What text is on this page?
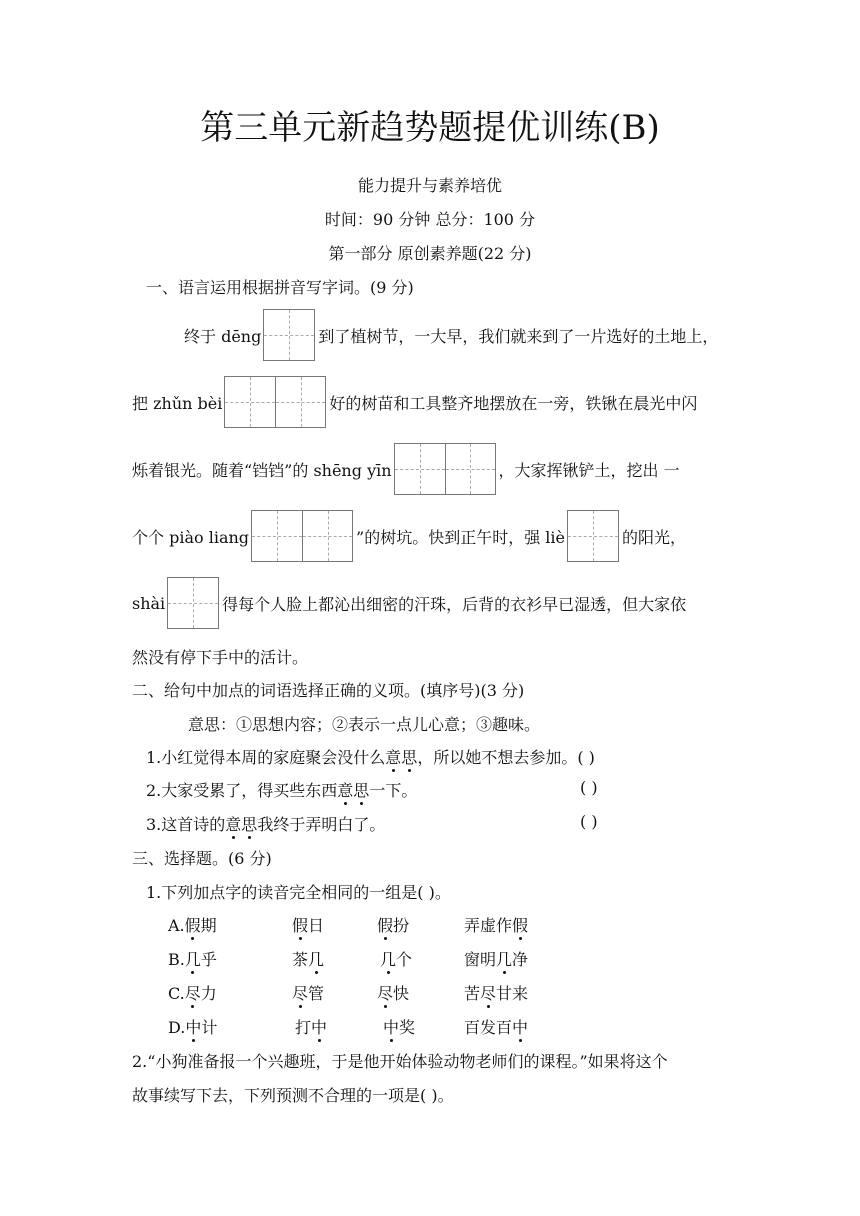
第三单元新趋势题提优训练(B)
能力提升与素养培优
时间：90 分钟 总分：100 分
第一部分 原创素养题(22 分)
一、语言运用根据拼音写字词。(9 分)
终于 dēng	到了植树节，一大早，我们就来到了一片选好的土地上，
把 zhǔn bèi	好的树苗和工具整齐地摆放在一旁，铁锹在晨光中闪
烁着银光。随着“铛铛”的 shēng yīn	，大家挥锹铲土，挖出 一
个个 piào liang	”的树坑。快到正午时，强 liè	的阳光，
shài	得每个人脸上都沁出细密的汗珠，后背的衣衫早已湿透，但大家依
然没有停下手中的活计。
二、给句中加点的词语选择正确的义项。(填序号)(3 分)
意思：①思想内容；②表示一点儿心意；③趣味。
1.小红觉得本周的家庭聚会没什么意思，所以她不想去参加。( )
2.大家受累了，得买些东西意思一下。	( )
3.这首诗的意思我终于弄明白了。	( )
三、选择题。(6 分)
1.下列加点字的读音完全相同的一组是( )。
A.假期	假日	假扮	弄虚作假
B.几乎	茶几	几个	窗明几净
C.尽力	尽管	尽快	苦尽甘来
D.中计	打中	中奖	百发百中
2.“小狗准备报一个兴趣班，于是他开始体验动物老师们的课程。”如果将这个
故事续写下去，下列预测不合理的一项是( )。
